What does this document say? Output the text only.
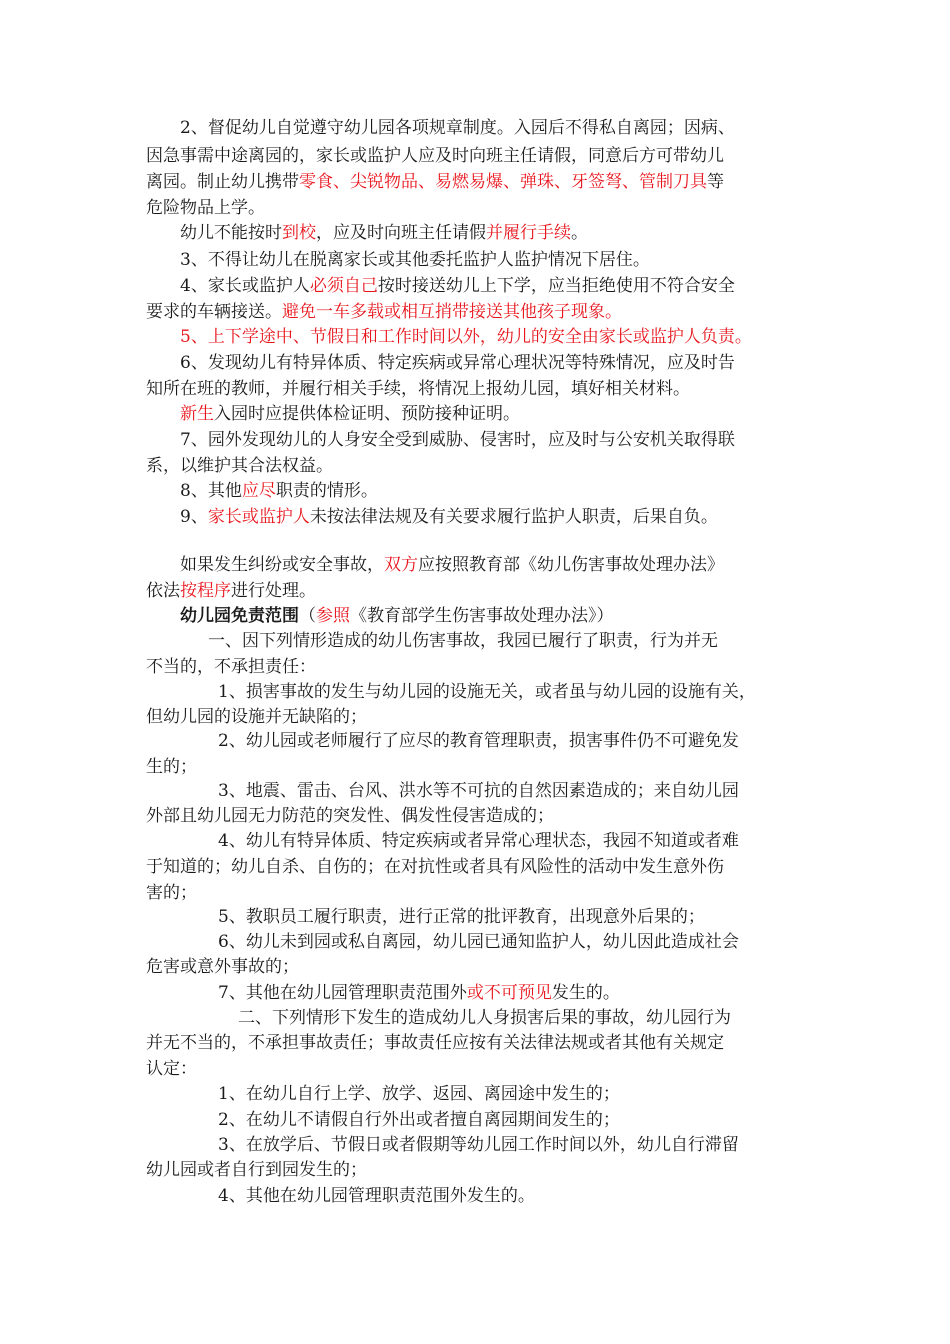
2、督促幼儿自觉遵守幼儿园各项规章制度。入园后不得私自离园；因病、
因急事需中途离园的，家长或监护人应及时向班主任请假，同意后方可带幼儿
离园。制止幼儿携带零食、尖锐物品、易燃易爆、弹珠、牙签弩、管制刀具等
危险物品上学。
幼儿不能按时到校，应及时向班主任请假并履行手续。
3、不得让幼儿在脱离家长或其他委托监护人监护情况下居住。
4、家长或监护人必须自己按时接送幼儿上下学，应当拒绝使用不符合安全
要求的车辆接送。避免一车多载或相互捎带接送其他孩子现象。
5、上下学途中、节假日和工作时间以外，幼儿的安全由家长或监护人负责。
6、发现幼儿有特异体质、特定疾病或异常心理状况等特殊情况，应及时告
知所在班的教师，并履行相关手续，将情况上报幼儿园，填好相关材料。
新生入园时应提供体检证明、预防接种证明。
7、园外发现幼儿的人身安全受到威胁、侵害时，应及时与公安机关取得联
系，以维护其合法权益。
8、其他应尽职责的情形。
9、家长或监护人未按法律法规及有关要求履行监护人职责，后果自负。
如果发生纠纷或安全事故，双方应按照教育部《幼儿伤害事故处理办法》
依法按程序进行处理。
幼儿园免责范围（参照《教育部学生伤害事故处理办法》）
一、因下列情形造成的幼儿伤害事故，我园已履行了职责，行为并无
不当的，不承担责任：
1、损害事故的发生与幼儿园的设施无关，或者虽与幼儿园的设施有关，
但幼儿园的设施并无缺陷的；
2、幼儿园或老师履行了应尽的教育管理职责，损害事件仍不可避免发
生的；
3、地震、雷击、台风、洪水等不可抗的自然因素造成的；来自幼儿园
外部且幼儿园无力防范的突发性、偶发性侵害造成的；
4、幼儿有特异体质、特定疾病或者异常心理状态，我园不知道或者难
于知道的；幼儿自杀、自伤的；在对抗性或者具有风险性的活动中发生意外伤
害的；
5、教职员工履行职责，进行正常的批评教育，出现意外后果的；
6、幼儿未到园或私自离园，幼儿园已通知监护人，幼儿因此造成社会
危害或意外事故的；
7、其他在幼儿园管理职责范围外或不可预见发生的。
二、下列情形下发生的造成幼儿人身损害后果的事故，幼儿园行为
并无不当的，不承担事故责任；事故责任应按有关法律法规或者其他有关规定
认定：
1、在幼儿自行上学、放学、返园、离园途中发生的；
2、在幼儿不请假自行外出或者擅自离园期间发生的；
3、在放学后、节假日或者假期等幼儿园工作时间以外，幼儿自行滞留
幼儿园或者自行到园发生的；
4、其他在幼儿园管理职责范围外发生的。
